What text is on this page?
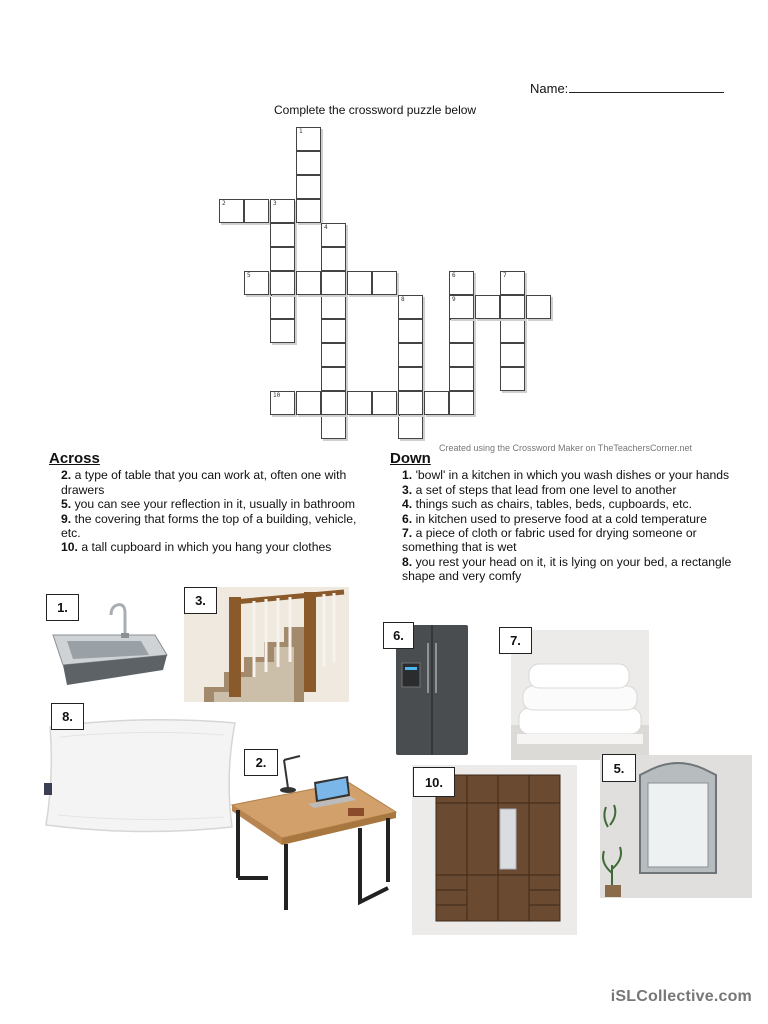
Name:
Complete the crossword puzzle below
1
2	3
4
5	6	7
8	9
10
Created using the Crossword Maker on TheTeachersCorner.net
Across
2. a type of table that you can work at, often one with drawers
5. you can see your reflection in it, usually in bathroom
9. the covering that forms the top of a building, vehicle, etc.
10. a tall cupboard in which you hang your clothes
Down
1. 'bowl' in a kitchen in which you wash dishes or your hands
3. a set of steps that lead from one level to another
4. things such as chairs, tables, beds, cupboards, etc.
6. in kitchen used to preserve food at a cold temperature
7. a piece of cloth or fabric used for drying someone or something that is wet
8. you rest your head on it, it is lying on your bed, a rectangle shape and very comfy
1.	3.
6.	7.
8.
2.
10.
5.
iSLCollective.com
